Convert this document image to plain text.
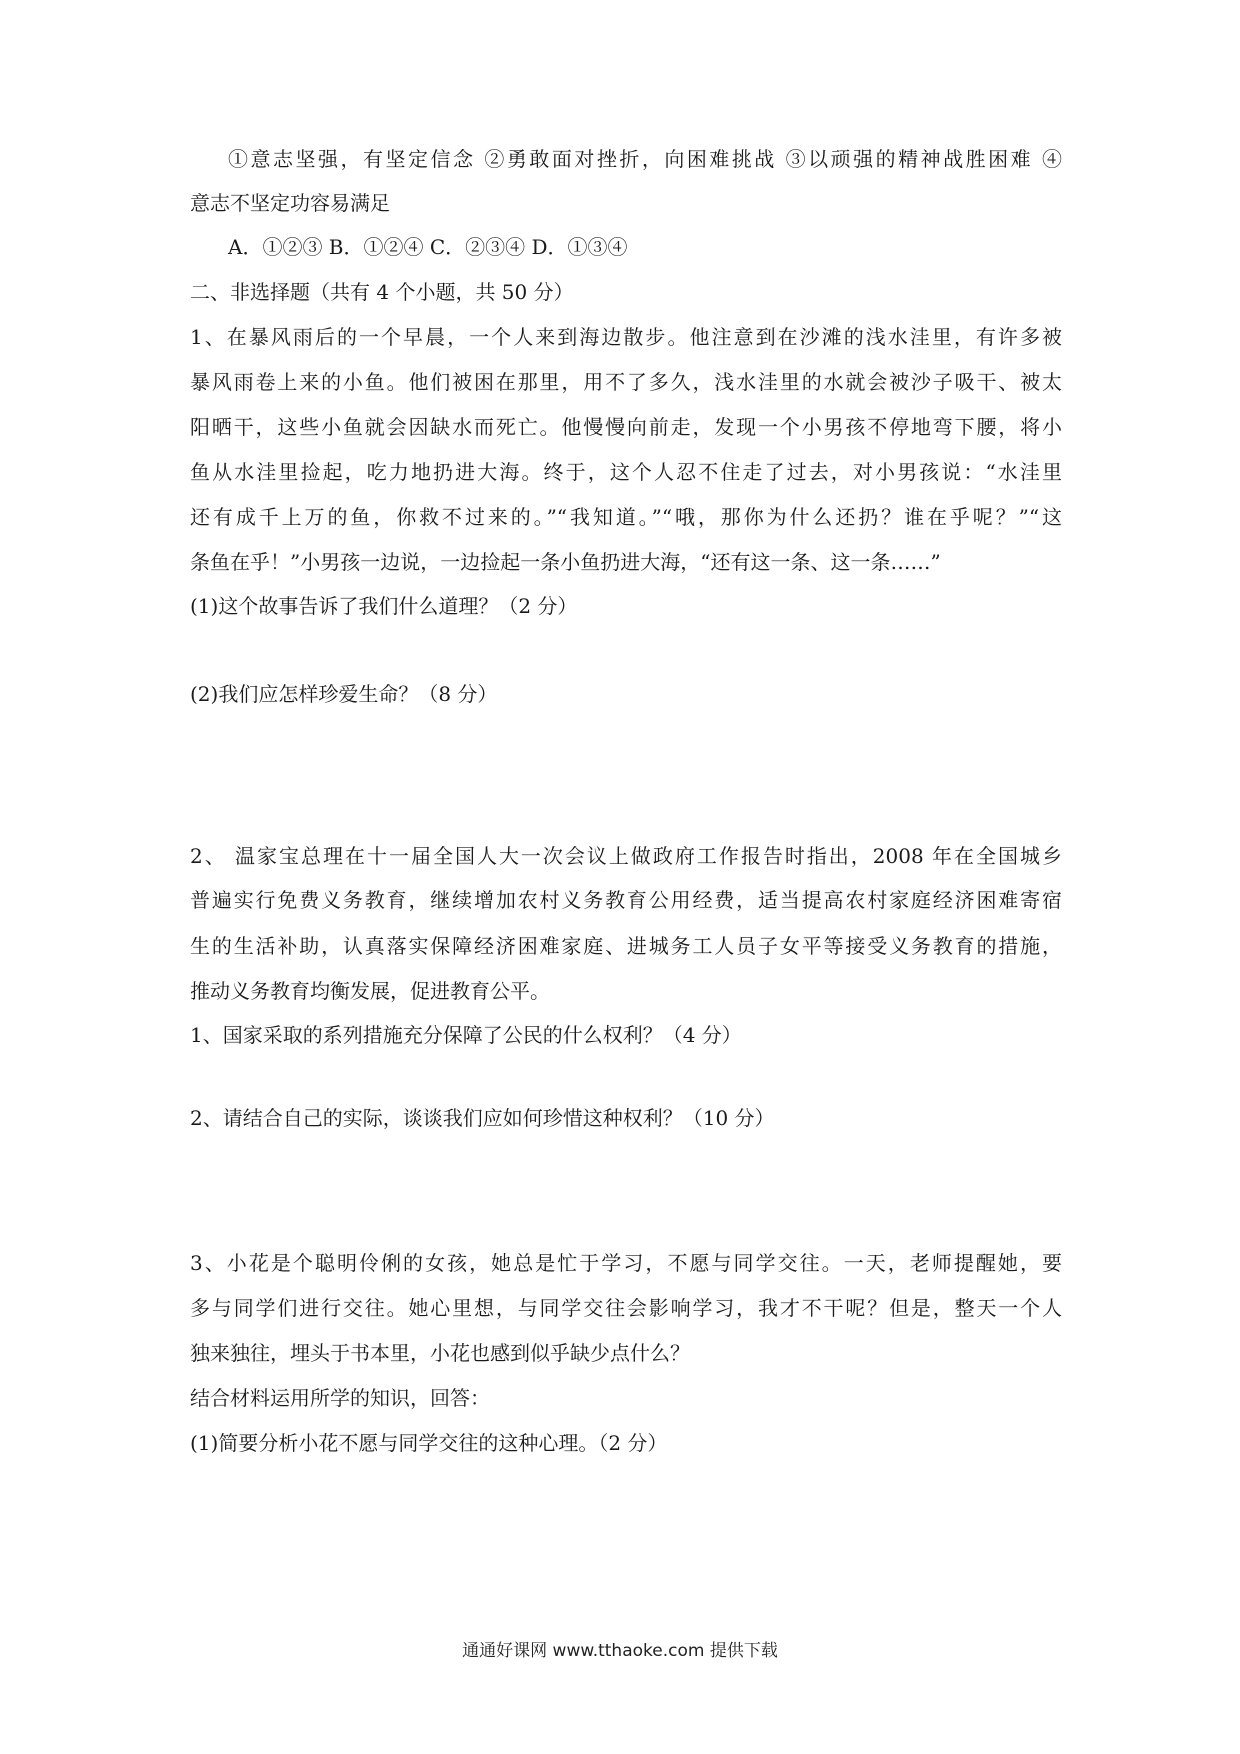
①意志坚强，有坚定信念 ②勇敢面对挫折，向困难挑战 ③以顽强的精神战胜困难 ④
意志不坚定功容易满足
A．①②③ B．①②④ C．②③④ D．①③④
二、非选择题（共有 4 个小题，共 50 分）
1、在暴风雨后的一个早晨，一个人来到海边散步。他注意到在沙滩的浅水洼里，有许多被
暴风雨卷上来的小鱼。他们被困在那里，用不了多久，浅水洼里的水就会被沙子吸干、被太
阳晒干，这些小鱼就会因缺水而死亡。他慢慢向前走，发现一个小男孩不停地弯下腰，将小
鱼从水洼里捡起，吃力地扔进大海。终于，这个人忍不住走了过去，对小男孩说：“水洼里
还有成千上万的鱼，你救不过来的。”“我知道。”“哦，那你为什么还扔？谁在乎呢？”“这
条鱼在乎！”小男孩一边说，一边捡起一条小鱼扔进大海，“还有这一条、这一条……”
(1)这个故事告诉了我们什么道理？（2 分）
(2)我们应怎样珍爱生命？（8 分）
2、 温家宝总理在十一届全国人大一次会议上做政府工作报告时指出，2008 年在全国城乡
普遍实行免费义务教育，继续增加农村义务教育公用经费，适当提高农村家庭经济困难寄宿
生的生活补助，认真落实保障经济困难家庭、进城务工人员子女平等接受义务教育的措施，
推动义务教育均衡发展，促进教育公平。
1、国家采取的系列措施充分保障了公民的什么权利？（4 分）
2、请结合自己的实际，谈谈我们应如何珍惜这种权利？（10 分）
3、小花是个聪明伶俐的女孩，她总是忙于学习，不愿与同学交往。一天，老师提醒她，要
多与同学们进行交往。她心里想，与同学交往会影响学习，我才不干呢？但是，整天一个人
独来独往，埋头于书本里，小花也感到似乎缺少点什么？
结合材料运用所学的知识，回答：
(1)简要分析小花不愿与同学交往的这种心理。（2 分）
通通好课网 www.tthaoke.com 提供下载
